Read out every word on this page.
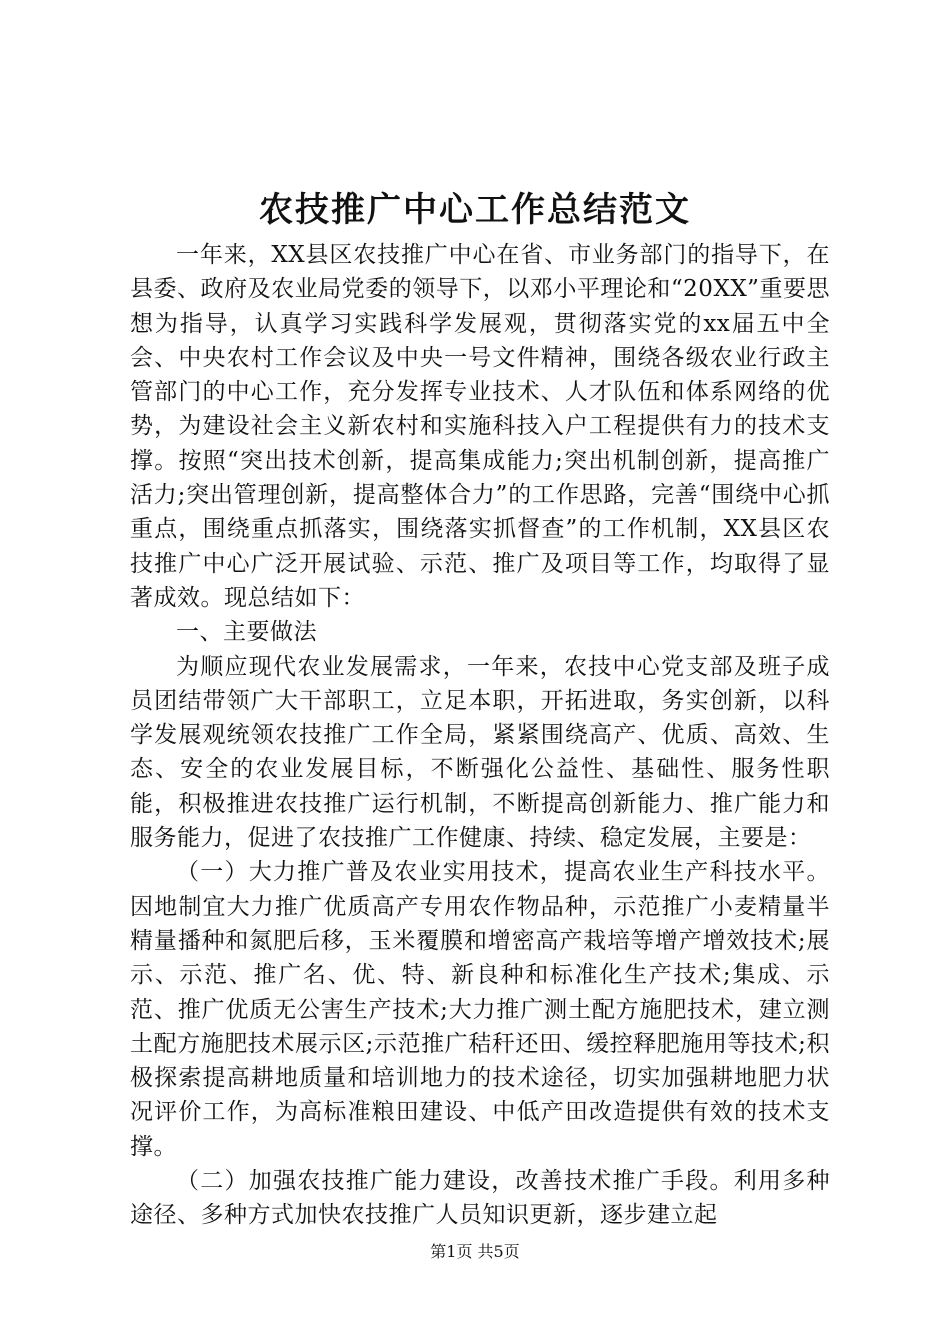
农技推广中心工作总结范文

一年来，XX县区农技推广中心在省、市业务部门的指导下，在县委、政府及农业局党委的领导下，以邓小平理论和“20XX”重要思想为指导，认真学习实践科学发展观，贯彻落实党的xx届五中全会、中央农村工作会议及中央一号文件精神，围绕各级农业行政主管部门的中心工作，充分发挥专业技术、人才队伍和体系网络的优势，为建设社会主义新农村和实施科技入户工程提供有力的技术支撑。按照“突出技术创新，提高集成能力;突出机制创新，提高推广活力;突出管理创新，提高整体合力”的工作思路，完善“围绕中心抓重点，围绕重点抓落实，围绕落实抓督查”的工作机制，XX县区农技推广中心广泛开展试验、示范、推广及项目等工作，均取得了显著成效。现总结如下：

一、主要做法

为顺应现代农业发展需求，一年来，农技中心党支部及班子成员团结带领广大干部职工，立足本职，开拓进取，务实创新，以科学发展观统领农技推广工作全局，紧紧围绕高产、优质、高效、生态、安全的农业发展目标，不断强化公益性、基础性、服务性职能，积极推进农技推广运行机制，不断提高创新能力、推广能力和服务能力，促进了农技推广工作健康、持续、稳定发展，主要是：

（一）大力推广普及农业实用技术，提高农业生产科技水平。因地制宜大力推广优质高产专用农作物品种，示范推广小麦精量半精量播种和氮肥后移，玉米覆膜和增密高产栽培等增产增效技术;展示、示范、推广名、优、特、新良种和标准化生产技术;集成、示范、推广优质无公害生产技术;大力推广测土配方施肥技术，建立测土配方施肥技术展示区;示范推广秸秆还田、缓控释肥施用等技术;积极探索提高耕地质量和培训地力的技术途径，切实加强耕地肥力状况评价工作，为高标准粮田建设、中低产田改造提供有效的技术支撑。

（二）加强农技推广能力建设，改善技术推广手段。利用多种途径、多种方式加快农技推广人员知识更新，逐步建立起

第1页 共5页
